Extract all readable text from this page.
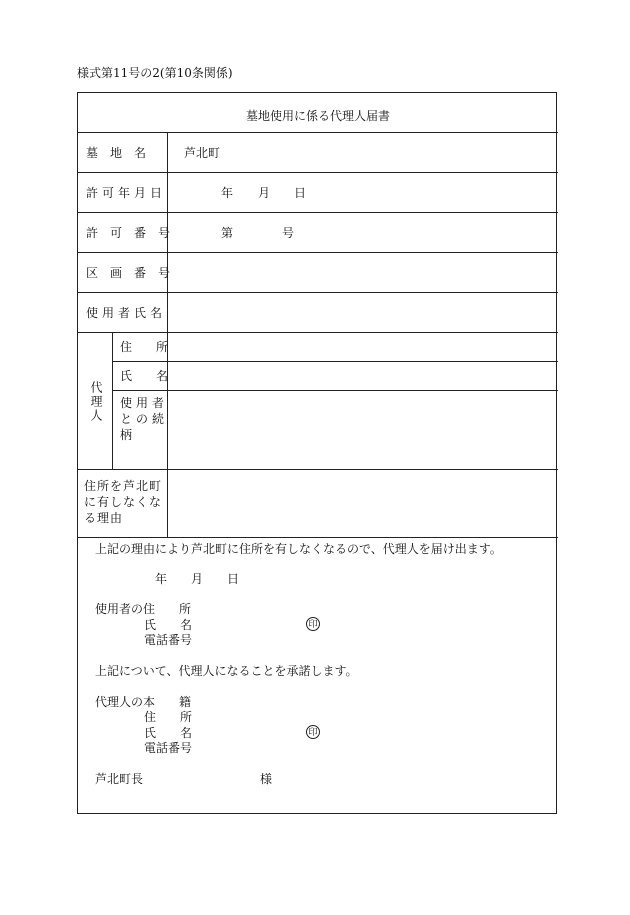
様式第11号の2(第10条関係)
墓地使用に係る代理人届書
墓　地　名	芦北町
許可年月日	年 月 日
許　可　番　号	第	号
区　画　番　号
使用者氏名
代理人
住　　所
氏　　名
使用者との続柄
住所を芦北町に有しなくなる理由
上記の理由により芦北町に住所を有しなくなるので、代理人を届け出ます。
年 月 日
使用者の住　　所
氏　　名	印
電話番号
上記について、代理人になることを承諾します。
代理人の本　　籍
住　　所
氏　　名	印
電話番号
芦北町長	様
